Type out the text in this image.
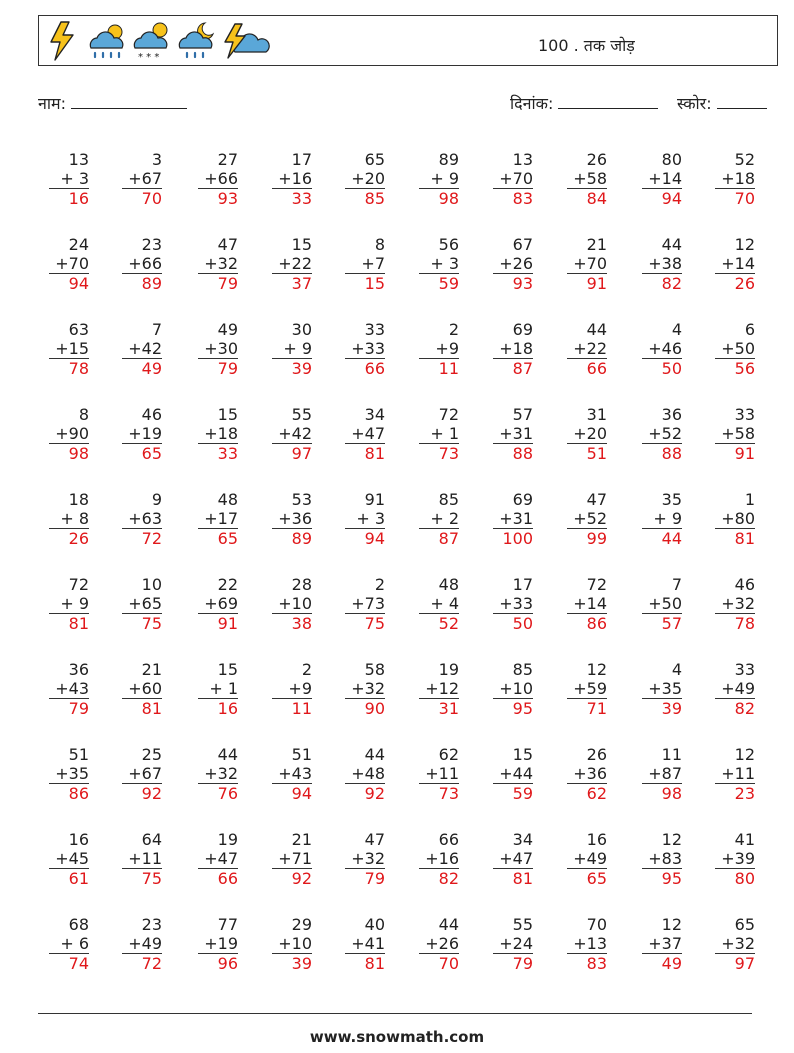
* * *
100 . तक जोड़
नाम:	दिनांक:	स्कोर:
13
+ 3
16
3
+67
70
27
+66
93
17
+16
33
65
+20
85
89
+ 9
98
13
+70
83
26
+58
84
80
+14
94
52
+18
70
24
+70
94
23
+66
89
47
+32
79
15
+22
37
8
+7
15
56
+ 3
59
67
+26
93
21
+70
91
44
+38
82
12
+14
26
63
+15
78
7
+42
49
49
+30
79
30
+ 9
39
33
+33
66
2
+9
11
69
+18
87
44
+22
66
4
+46
50
6
+50
56
8
+90
98
46
+19
65
15
+18
33
55
+42
97
34
+47
81
72
+ 1
73
57
+31
88
31
+20
51
36
+52
88
33
+58
91
18
+ 8
26
9
+63
72
48
+17
65
53
+36
89
91
+ 3
94
85
+ 2
87
69
+31
100
47
+52
99
35
+ 9
44
1
+80
81
72
+ 9
81
10
+65
75
22
+69
91
28
+10
38
2
+73
75
48
+ 4
52
17
+33
50
72
+14
86
7
+50
57
46
+32
78
36
+43
79
21
+60
81
15
+ 1
16
2
+9
11
58
+32
90
19
+12
31
85
+10
95
12
+59
71
4
+35
39
33
+49
82
51
+35
86
25
+67
92
44
+32
76
51
+43
94
44
+48
92
62
+11
73
15
+44
59
26
+36
62
11
+87
98
12
+11
23
16
+45
61
64
+11
75
19
+47
66
21
+71
92
47
+32
79
66
+16
82
34
+47
81
16
+49
65
12
+83
95
41
+39
80
68
+ 6
74
23
+49
72
77
+19
96
29
+10
39
40
+41
81
44
+26
70
55
+24
79
70
+13
83
12
+37
49
65
+32
97
www.snowmath.com
